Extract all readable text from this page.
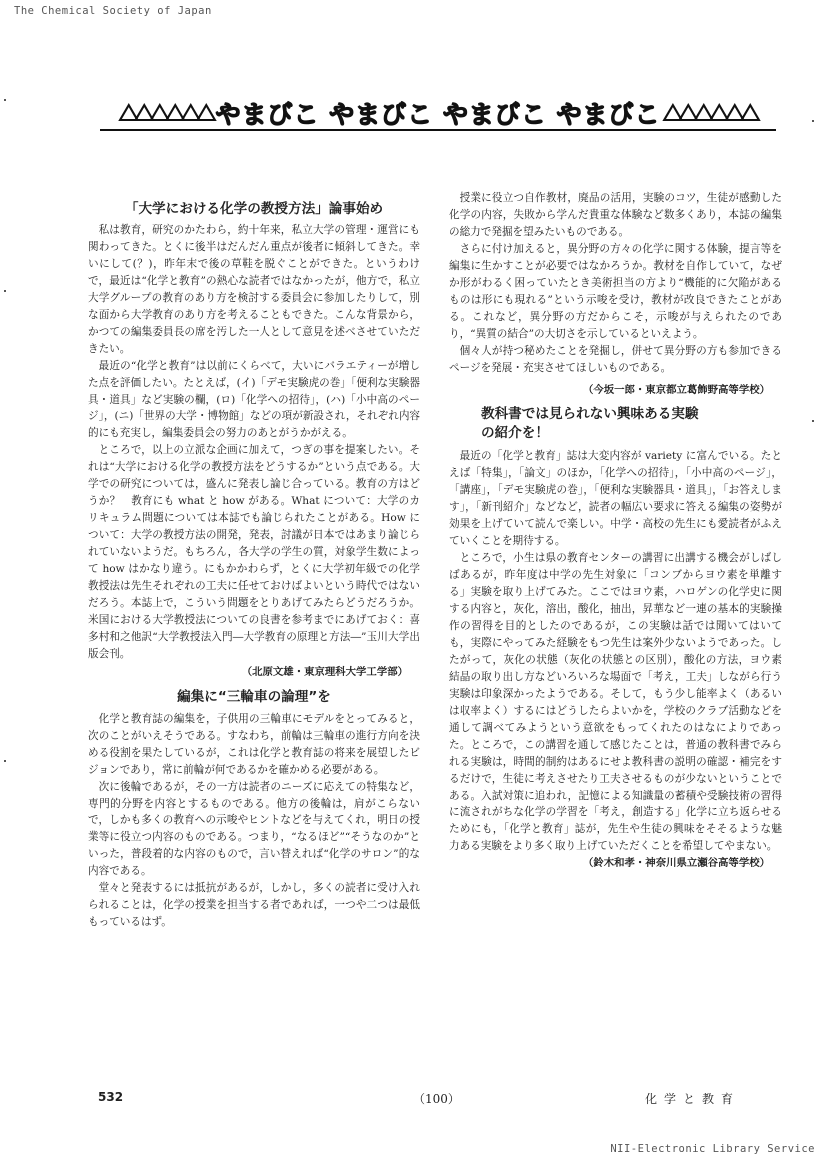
The Chemical Society of Japan
⛰⛰⛰⛰⛰⛰ やまびこ やまびこ やまびこ やまびこ ⛰⛰⛰⛰⛰⛰
「大学における化学の教授方法」論事始め

私は教育，研究のかたわら，約十年来，私立大学の管理・運営にも関わってきた。とくに後半はだんだん重点が後者に傾斜してきた。幸いにして(？)，昨年末で後の草鞋を脱ぐことができた。というわけで，最近は“化学と教育”の熱心な読者ではなかったが，他方で，私立大学グループの教育のあり方を検討する委員会に参加したりして，別な面から大学教育のあり方を考えることもできた。こんな背景から，かつての編集委員長の席を汚した一人として意見を述べさせていただきたい。

最近の“化学と教育”は以前にくらべて，大いにバラエティーが増した点を評価したい。たとえば，(イ)「デモ実験虎の巻」「便利な実験器具・道具」など実験の欄，(ロ)「化学への招待」，(ハ)「小中高のページ」，(ニ)「世界の大学・博物館」などの項が新設され，それぞれ内容的にも充実し，編集委員会の努力のあとがうかがえる。

ところで，以上の立派な企画に加えて，つぎの事を提案したい。それは“大学における化学の教授方法をどうするか”という点である。大学での研究については，盛んに発表し論じ合っている。教育の方はどうか？　教育にも what と how がある。What について：大学のカリキュラム問題については本誌でも論じられたことがある。How について：大学の教授方法の開発，発表，討議が日本ではあまり論じられていないようだ。もちろん，各大学の学生の質，対象学生数によって how はかなり違う。にもかかわらず，とくに大学初年級での化学教授法は先生それぞれの工夫に任せておけばよいという時代ではないだろう。本誌上で，こういう問題をとりあげてみたらどうだろうか。米国における大学教授法についての良書を参考までにあげておく：喜多村和之他訳“大学教授法入門―大学教育の原理と方法―”玉川大学出版会刊。

（北原文雄・東京理科大学工学部）

編集に“三輪車の論理”を

化学と教育誌の編集を，子供用の三輪車にモデルをとってみると，次のことがいえそうである。すなわち，前輪は三輪車の進行方向を決める役割を果たしているが，これは化学と教育誌の将来を展望したビジョンであり，常に前輪が何であるかを確かめる必要がある。

次に後輪であるが，その一方は読者のニーズに応えての特集など，専門的分野を内容とするものである。他方の後輪は，肩がこらないで，しかも多くの教育への示唆やヒントなどを与えてくれ，明日の授業等に役立つ内容のものである。つまり，“なるほど”“そうなのか”といった，普段着的な内容のもので，言い替えれば“化学のサロン”的な内容である。

堂々と発表するには抵抗があるが，しかし，多くの読者に受け入れられることは，化学の授業を担当する者であれば，一つや二つは最低もっているはず。

授業に役立つ自作教材，廃品の活用，実験のコツ，生徒が感動した化学の内容，失敗から学んだ貴重な体験など数多くあり，本誌の編集の総力で発掘を望みたいものである。

さらに付け加えると，異分野の方々の化学に関する体験，提言等を編集に生かすことが必要ではなかろうか。教材を自作していて，なぜか形がわるく困っていたとき美術担当の方より“機能的に欠陥があるものは形にも現れる”という示唆を受け，教材が改良できたことがある。これなど，異分野の方だからこそ，示唆が与えられたのであり，“異質の結合”の大切さを示しているといえよう。

個々人が持つ秘めたことを発掘し，併せて異分野の方も参加できるページを発展・充実させてほしいものである。

（今坂一郎・東京都立葛飾野高等学校）

教科書では見られない興味ある実験
の紹介を！

最近の「化学と教育」誌は大変内容が variety に富んでいる。たとえば「特集」，「論文」のほか，「化学への招待」，「小中高のページ」，「講座」，「デモ実験虎の巻」，「便利な実験器具・道具」，「お答えします」，「新刊紹介」などなど，読者の幅広い要求に答える編集の姿勢が効果を上げていて読んで楽しい。中学・高校の先生にも愛読者がふえていくことを期待する。

ところで，小生は県の教育センターの講習に出講する機会がしばしばあるが，昨年度は中学の先生対象に「コンブからヨウ素を単離する」実験を取り上げてみた。ここではヨウ素，ハロゲンの化学史に関する内容と，灰化，溶出，酸化，抽出，昇華など一連の基本的実験操作の習得を目的としたのであるが，この実験は話では聞いてはいても，実際にやってみた経験をもつ先生は案外少ないようであった。したがって，灰化の状態（灰化の状態との区別），酸化の方法，ヨウ素結晶の取り出し方などいろいろな場面で「考え，工夫」しながら行う実験は印象深かったようである。そして，もう少し能率よく（あるいは収率よく）するにはどうしたらよいかを，学校のクラブ活動などを通して調べてみようという意欲をもってくれたのはなによりであった。ところで，この講習を通して感じたことは，普通の教科書でみられる実験は，時間的制約はあるにせよ教科書の説明の確認・補完をするだけで，生徒に考えさせたり工夫させるものが少ないということである。入試対策に追われ，記憶による知識量の蓄積や受験技術の習得に流されがちな化学の学習を「考え，創造する」化学に立ち返らせるためにも，「化学と教育」誌が，先生や生徒の興味をそそるような魅力ある実験をより多く取り上げていただくことを希望してやまない。

（鈴木和孝・神奈川県立瀬谷高等学校）

532	（100）	化学と教育
NII-Electronic Library Service
